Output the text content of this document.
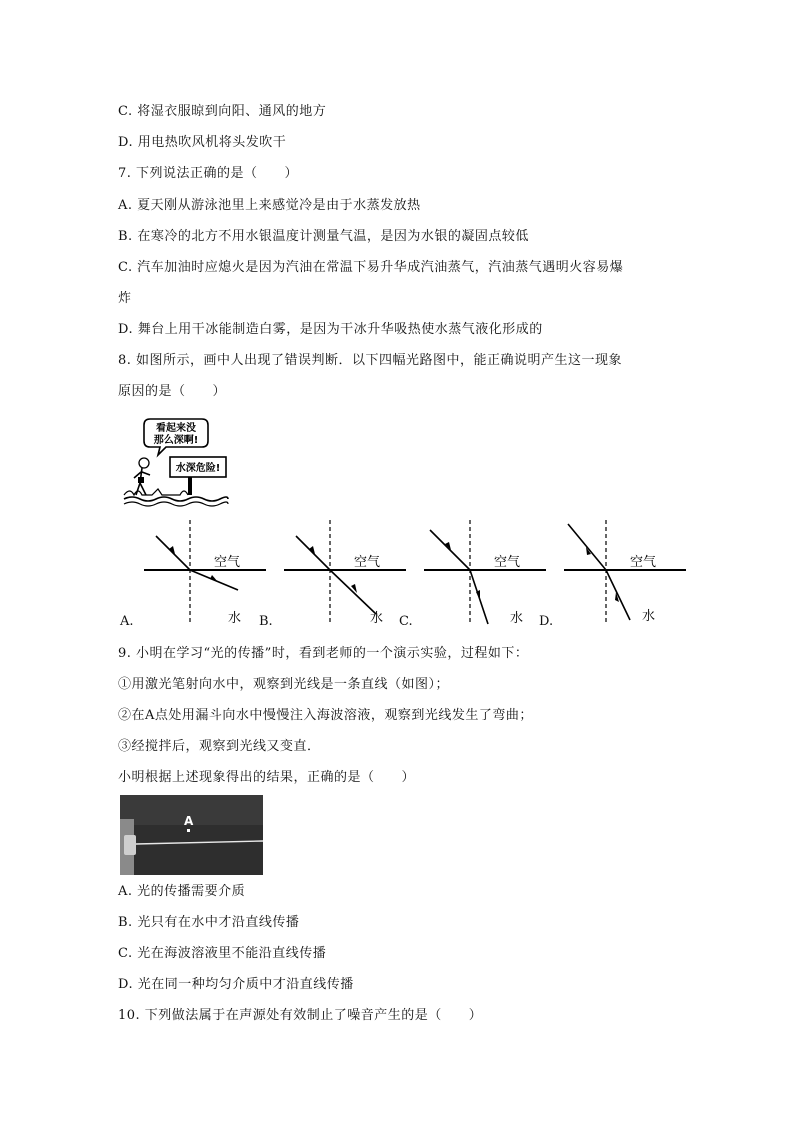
C. 将湿衣服晾到向阳、通风的地方
D. 用电热吹风机将头发吹干
7. 下列说法正确的是（　　）
A. 夏天刚从游泳池里上来感觉冷是由于水蒸发放热
B. 在寒冷的北方不用水银温度计测量气温，是因为水银的凝固点较低
C. 汽车加油时应熄火是因为汽油在常温下易升华成汽油蒸气，汽油蒸气遇明火容易爆
炸
D. 舞台上用干冰能制造白雾，是因为干冰升华吸热使水蒸气液化形成的
8. 如图所示，画中人出现了错误判断．以下四幅光路图中，能正确说明产生这一现象
原因的是（　　）
看起来没
那么深啊!
水深危险!
空气
水
A.
空气
水
B.
空气
水
C.
空气
水
D.
9. 小明在学习“光的传播”时，看到老师的一个演示实验，过程如下：
①用激光笔射向水中，观察到光线是一条直线（如图）；
②在A点处用漏斗向水中慢慢注入海波溶液，观察到光线发生了弯曲；
③经搅拌后，观察到光线又变直．
小明根据上述现象得出的结果，正确的是（　　）
A
A. 光的传播需要介质
B. 光只有在水中才沿直线传播
C. 光在海波溶液里不能沿直线传播
D. 光在同一种均匀介质中才沿直线传播
10. 下列做法属于在声源处有效制止了噪音产生的是（　　）
